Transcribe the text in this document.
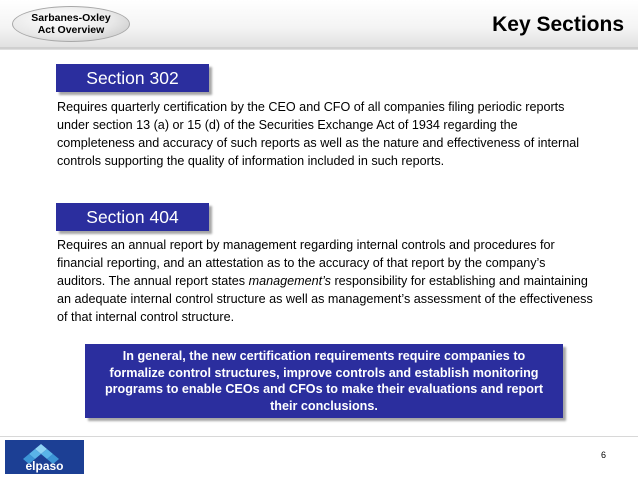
Sarbanes-Oxley
Act Overview	Key Sections
Section 302
Requires quarterly certification by the CEO and CFO of all companies filing periodic reports under section 13 (a) or 15 (d) of the Securities Exchange Act of 1934 regarding the completeness and accuracy of such reports as well as the nature and effectiveness of internal controls supporting the quality of information included in such reports.
Section 404
Requires an annual report by management regarding internal controls and procedures for financial reporting, and an attestation as to the accuracy of that report by the company’s auditors. The annual report states management’s responsibility for establishing and maintaining an adequate internal control structure as well as management’s assessment of the effectiveness of that internal control structure.
In general, the new certification requirements require companies to formalize control structures, improve controls and establish monitoring programs to enable CEOs and CFOs to make their evaluations and report their conclusions.
elpaso
6
